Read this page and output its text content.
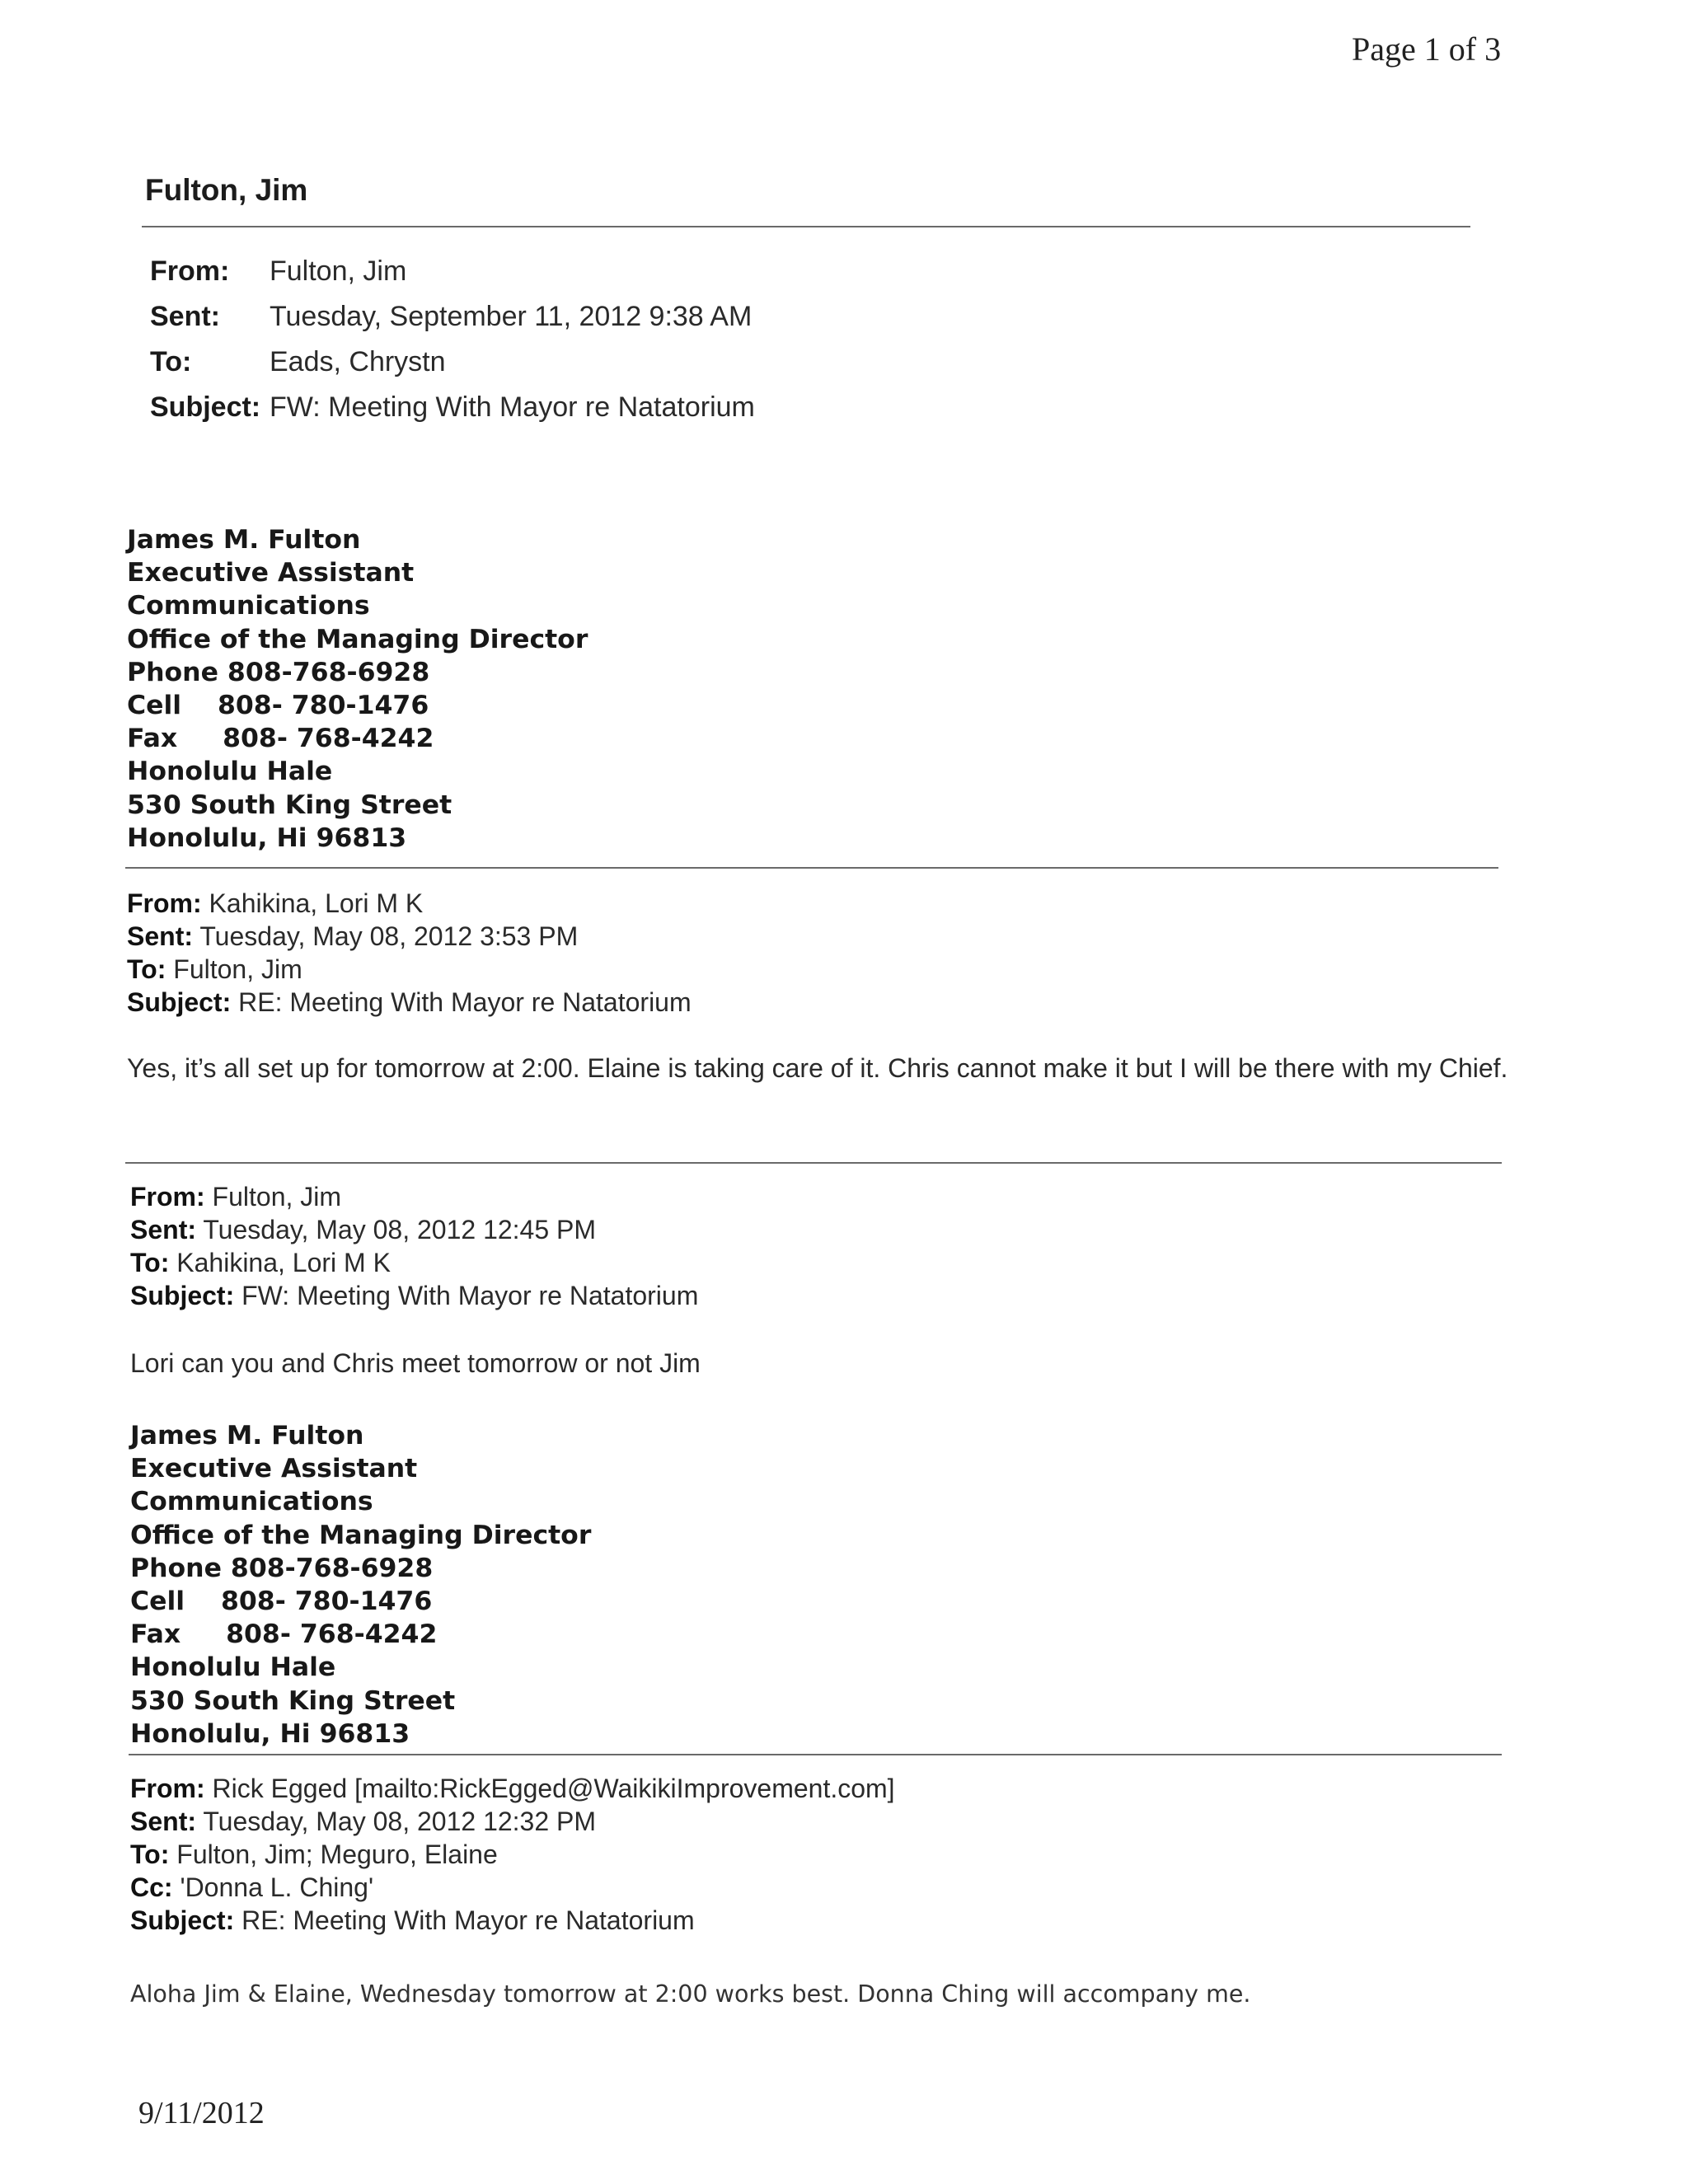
Page 1 of 3
Fulton, Jim
From:	Fulton, Jim
Sent:	Tuesday, September 11, 2012 9:38 AM
To:	Eads, Chrystn
Subject: FW: Meeting With Mayor re Natatorium
James M. Fulton
Executive Assistant
Communications
Office of the Managing Director
Phone 808-768-6928
Cell    808- 780-1476
Fax     808- 768-4242
Honolulu Hale
530 South King Street
Honolulu, Hi 96813
From: Kahikina, Lori M K
Sent: Tuesday, May 08, 2012 3:53 PM
To: Fulton, Jim
Subject: RE: Meeting With Mayor re Natatorium
Yes, it’s all set up for tomorrow at 2:00. Elaine is taking care of it. Chris cannot make it but I will be there with my Chief.
From: Fulton, Jim
Sent: Tuesday, May 08, 2012 12:45 PM
To: Kahikina, Lori M K
Subject: FW: Meeting With Mayor re Natatorium
Lori can you and Chris meet tomorrow or not Jim
James M. Fulton
Executive Assistant
Communications
Office of the Managing Director
Phone 808-768-6928
Cell    808- 780-1476
Fax     808- 768-4242
Honolulu Hale
530 South King Street
Honolulu, Hi 96813
From: Rick Egged [mailto:RickEgged@WaikikiImprovement.com]
Sent: Tuesday, May 08, 2012 12:32 PM
To: Fulton, Jim; Meguro, Elaine
Cc: 'Donna L. Ching'
Subject: RE: Meeting With Mayor re Natatorium
Aloha Jim & Elaine, Wednesday tomorrow at 2:00 works best. Donna Ching will accompany me.
9/11/2012
